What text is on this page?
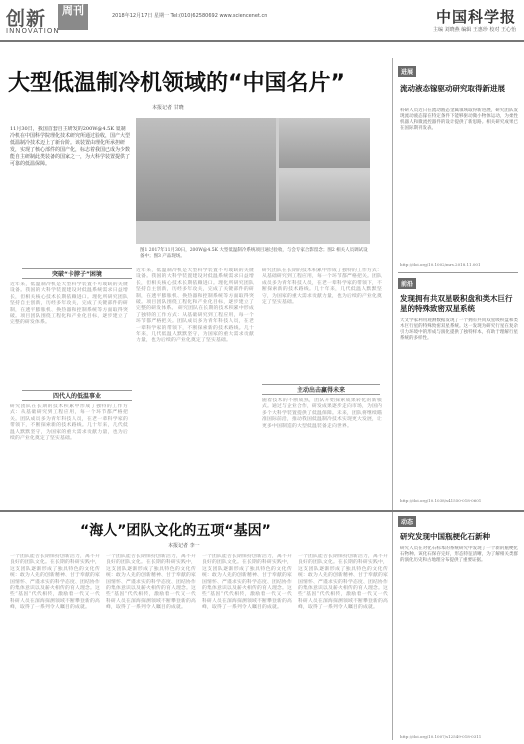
创新	周刊
INNOVATION
2018年12月17日 星期一 Tel:(010)62580692 www.sciencenet.cn	中国科学报
主编 刘晓燕 编辑 王惠珍 校对 王心怡
大型低温制冷机领域的“中国名片”
本报记者 甘晓
11月30日，我国首套自主研发的200W@4.5K 氦制冷机在中国科学院理化技术研究所通过验收，国产大型低温制冷技术迈上了新台阶。该装置由理化所承担研发，实现了核心部件的国产化，标志着我国已成为少数能自主研制此类装备的国家之一，为大科学装置提供了可靠的低温保障。
图1 2017年11月30日，200W@4.5K 大型低温制冷系统项目通过验收，与会专家合影留念；图2 相关人员调试设备中；图3 产品现场。
突破“卡脖子”困境
近年来，低温制冷机是大型科学装置不可或缺的关键设备。我国的大科学装置建设对低温系统需求日益增长，但相关核心技术长期依赖进口。理化所研究团队坚持自主创新，历经多年攻关，完成了关键部件的研制，在透平膨胀机、换热器和控制系统等方面取得突破。项目团队围绕工程化和产业化目标，逐步建立了完整的研发体系。
四代人的低温事业
研究团队在长期的技术积累中形成了独特的工作方式：从基础研究到工程应用，每一个环节都严格把关。团队成员多为青年科技人员，在老一辈科学家的带领下，不断探索新的技术路线。几十年来，几代低温人默默坚守，为国家的重大需求贡献力量，也为后续的产业化奠定了坚实基础。
近年来，低温制冷机是大型科学装置不可或缺的关键设备。我国的大科学装置建设对低温系统需求日益增长，但相关核心技术长期依赖进口。理化所研究团队坚持自主创新，历经多年攻关，完成了关键部件的研制，在透平膨胀机、换热器和控制系统等方面取得突破。项目团队围绕工程化和产业化目标，逐步建立了完整的研发体系。 研究团队在长期的技术积累中形成了独特的工作方式：从基础研究到工程应用，每一个环节都严格把关。团队成员多为青年科技人员，在老一辈科学家的带领下，不断探索新的技术路线。几十年来，几代低温人默默坚守，为国家的重大需求贡献力量，也为后续的产业化奠定了坚实基础。
主动出击赢得未来
研究团队在长期的技术积累中形成了独特的工作方式：从基础研究到工程应用，每一个环节都严格把关。团队成员多为青年科技人员，在老一辈科学家的带领下，不断探索新的技术路线。几十年来，几代低温人默默坚守，为国家的重大需求贡献力量，也为后续的产业化奠定了坚实基础。
随着技术的不断成熟，团队开始探索成果转化的新模式。通过与企业合作，研发成果逐步走向市场，为国内多个大科学装置提供了低温保障。未来，团队将继续瞄准国际前沿，推动我国低温制冷技术实现更大发展，让更多中国制造的大型低温装备走向世界。
进展
流动液态镓驱动研究取得新进展
科研人员近日在流动液态金属领域取得新进展，研究团队发现流动液态镓在特定条件下能够驱动微小物体运动，为柔性机器人和微流控器件的设计提供了新思路。相关研究成果已在国际期刊发表。
http://doi.org/10.1002/mrs.2018.11.001
前沿
发现拥有共双星吸积盘和类木巨行星的特殊致密双星系统
天文学家利用观测数据发现了一个拥有共同双星吸积盘和类木巨行星的特殊致密双星系统。这一发现为研究行星在复杂引力环境中的形成与演化提供了独特样本，有助于理解行星系统的多样性。
http://doi.org/10.1038/s41550-018-0601
“海人”团队文化的五项“基因”
本报记者 李一
一个团队能否长期保持创新活力，离不开良好的团队文化。在长期的科研实践中，这支团队逐渐形成了独具特色的文化传统：敢为人先的创新精神、甘于奉献的家国情怀、严谨求实的科学态度、团结协作的集体意识以及薪火相传的育人理念。这些“基因”代代相传，激励着一代又一代科研人员在深海探测领域不断攀登新的高峰，取得了一系列令人瞩目的成就。
一个团队能否长期保持创新活力，离不开良好的团队文化。在长期的科研实践中，这支团队逐渐形成了独具特色的文化传统：敢为人先的创新精神、甘于奉献的家国情怀、严谨求实的科学态度、团结协作的集体意识以及薪火相传的育人理念。这些“基因”代代相传，激励着一代又一代科研人员在深海探测领域不断攀登新的高峰，取得了一系列令人瞩目的成就。
一个团队能否长期保持创新活力，离不开良好的团队文化。在长期的科研实践中，这支团队逐渐形成了独具特色的文化传统：敢为人先的创新精神、甘于奉献的家国情怀、严谨求实的科学态度、团结协作的集体意识以及薪火相传的育人理念。这些“基因”代代相传，激励着一代又一代科研人员在深海探测领域不断攀登新的高峰，取得了一系列令人瞩目的成就。
一个团队能否长期保持创新活力，离不开良好的团队文化。在长期的科研实践中，这支团队逐渐形成了独具特色的文化传统：敢为人先的创新精神、甘于奉献的家国情怀、严谨求实的科学态度、团结协作的集体意识以及薪火相传的育人理念。这些“基因”代代相传，激励着一代又一代科研人员在深海探测领域不断攀登新的高峰，取得了一系列令人瞩目的成就。
动态
研究发现中国瓶梗化石新种
研究人员在对化石标本的系统研究中发现了一个新的瓶梗化石物种。该化石保存完好，形态特征清晰，为了解相关类群的演化历史和古地理分布提供了重要证据。
http://doi.org/10.1007/s12549-018-0311
